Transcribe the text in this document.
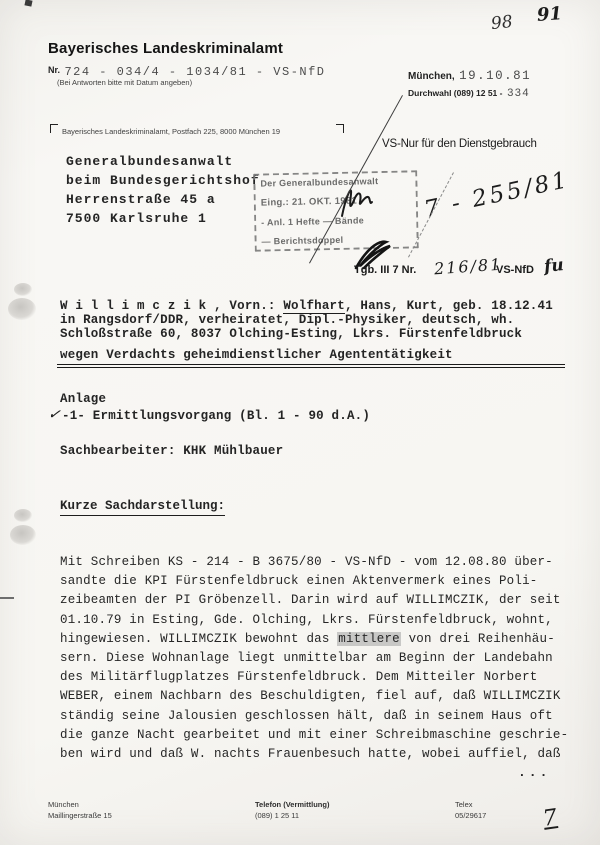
98 91
Bayerisches Landeskriminalamt
Nr. 724 - 034/4 - 1034/81 - VS-NfD
(Bei Antworten bitte mit Datum angeben)
München, 19.10.81
Durchwahl (089) 12 51 - 334
Bayerisches Landeskriminalamt, Postfach 225, 8000 München 19
Generalbundesanwalt
beim Bundesgerichtshof
Herrenstraße 45 a
7500 Karlsruhe 1
VS-Nur für den Dienstgebrauch
Der Generalbundesanwalt
Eing.: 21. OKT. 1981
- Anl. 1 Hefte — Bände
— Berichtsdoppel
7 - 255/81
Tgb. III 7 Nr. 216/81
VS-NfD fu
W i l l i m c z i k , Vorn.: Wolfhart, Hans, Kurt, geb. 18.12.41
in Rangsdorf/DDR, verheiratet, Dipl.-Physiker, deutsch, wh.
Schloßstraße 60, 8037 Olching-Esting, Lkrs. Fürstenfeldbruck
wegen Verdachts geheimdienstlicher Agententätigkeit
Anlage
✓ -1- Ermittlungsvorgang (Bl. 1 - 90 d.A.)
Sachbearbeiter: KHK Mühlbauer
Kurze Sachdarstellung:
Mit Schreiben KS - 214 - B 3675/80 - VS-NfD - vom 12.08.80 über-
sandte die KPI Fürstenfeldbruck einen Aktenvermerk eines Poli-
zeibeamten der PI Gröbenzell. Darin wird auf WILLIMCZIK, der seit
01.10.79 in Esting, Gde. Olching, Lkrs. Fürstenfeldbruck, wohnt,
hingewiesen. WILLIMCZIK bewohnt das mittlere von drei Reihenhäu-
sern. Diese Wohnanlage liegt unmittelbar am Beginn der Landebahn
des Militärflugplatzes Fürstenfeldbruck. Dem Mitteiler Norbert
WEBER, einem Nachbarn des Beschuldigten, fiel auf, daß WILLIMCZIK
ständig seine Jalousien geschlossen hält, daß in seinem Haus oft
die ganze Nacht gearbeitet und mit einer Schreibmaschine geschrie-
ben wird und daß W. nachts Frauenbesuch hatte, wobei auffiel, daß
...
München
Maillingerstraße 15
Telefon (Vermittlung)
(089) 1 25 11
Telex
05/29617	7
